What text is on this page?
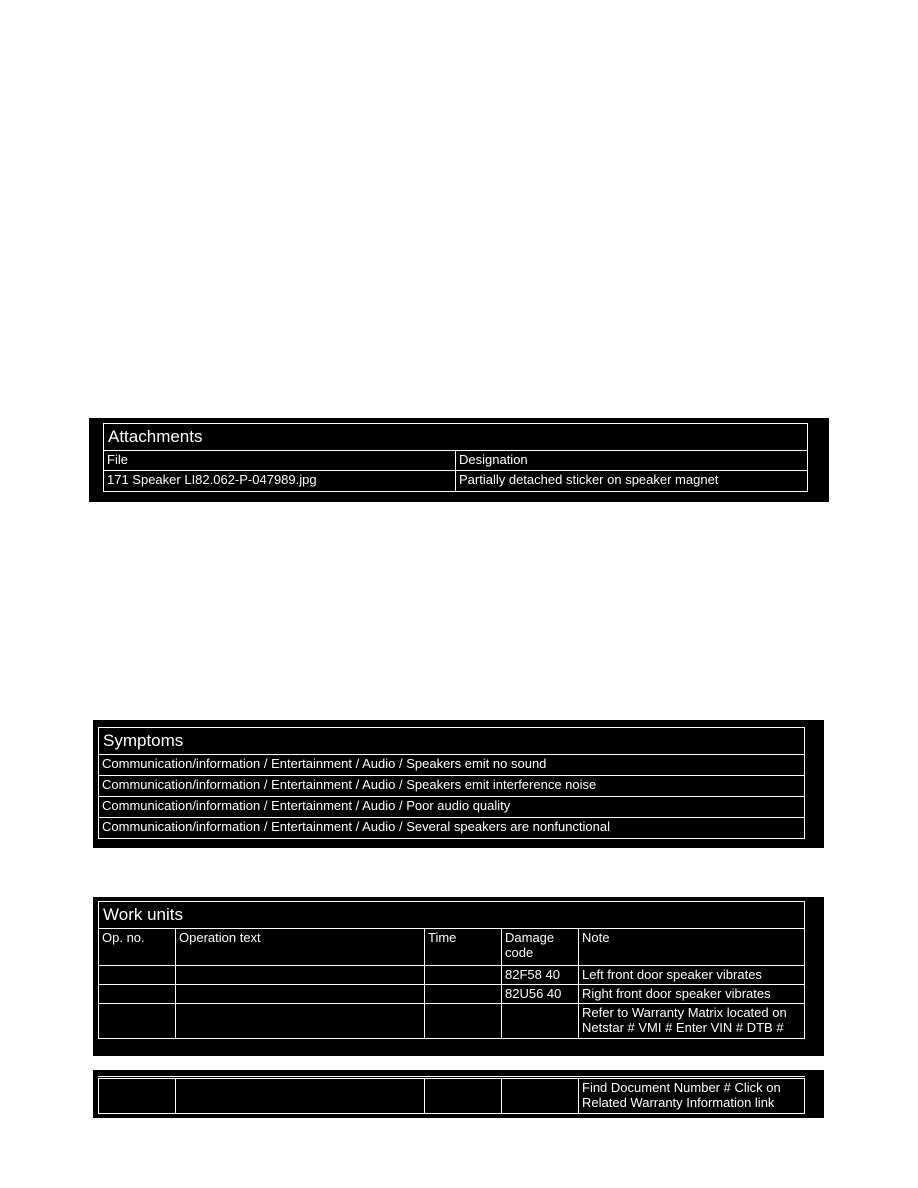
Attachments	
File	Designation
171 Speaker LI82.062-P-047989.jpg	Partially detached sticker on speaker magnet
Symptoms
Communication/information / Entertainment / Audio / Speakers emit no sound
Communication/information / Entertainment / Audio / Speakers emit interference noise
Communication/information / Entertainment / Audio / Poor audio quality
Communication/information / Entertainment / Audio / Several speakers are nonfunctional
Work units				
Op. no.	Operation text	Time	Damage code	Note
			82F58 40	Left front door speaker vibrates
			82U56 40	Right front door speaker vibrates
				Refer to Warranty Matrix located on Netstar # VMI # Enter VIN # DTB #
				Find Document Number # Click on Related Warranty Information link
